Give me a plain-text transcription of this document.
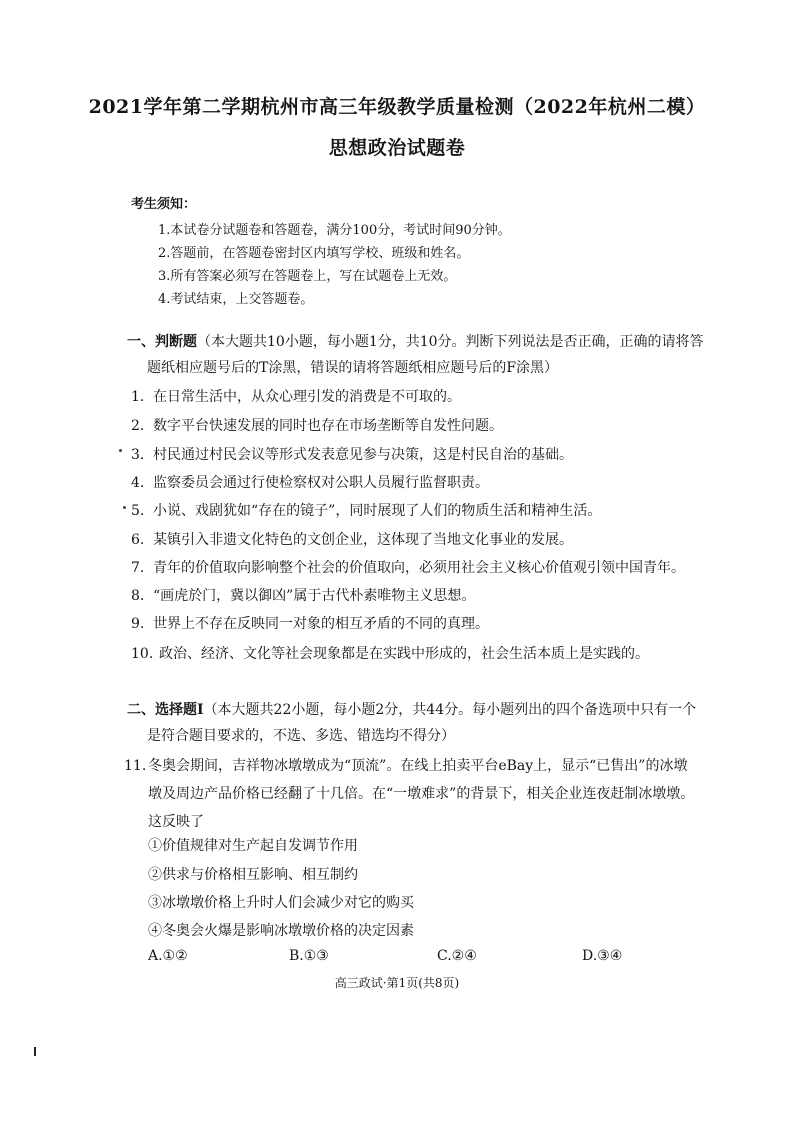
2021学年第二学期杭州市高三年级教学质量检测（2022年杭州二模）
思想政治试题卷
考生须知：
1.本试卷分试题卷和答题卷，满分100分，考试时间90分钟。
2.答题前，在答题卷密封区内填写学校、班级和姓名。
3.所有答案必须写在答题卷上，写在试题卷上无效。
4.考试结束，上交答题卷。
一、判断题（本大题共10小题，每小题1分，共10分。判断下列说法是否正确，正确的请将答
题纸相应题号后的T涂黑，错误的请将答题纸相应题号后的F涂黑）
1. 在日常生活中，从众心理引发的消费是不可取的。
2. 数字平台快速发展的同时也存在市场垄断等自发性问题。
3. 村民通过村民会议等形式发表意见参与决策，这是村民自治的基础。
4. 监察委员会通过行使检察权对公职人员履行监督职责。
5. 小说、戏剧犹如“存在的镜子”，同时展现了人们的物质生活和精神生活。
6. 某镇引入非遗文化特色的文创企业，这体现了当地文化事业的发展。
7. 青年的价值取向影响整个社会的价值取向，必须用社会主义核心价值观引领中国青年。
8. “画虎於门，冀以御凶”属于古代朴素唯物主义思想。
9. 世界上不存在反映同一对象的相互矛盾的不同的真理。
10. 政治、经济、文化等社会现象都是在实践中形成的，社会生活本质上是实践的。
二、选择题Ⅰ（本大题共22小题，每小题2分，共44分。每小题列出的四个备选项中只有一个
是符合题目要求的，不选、多选、错选均不得分）
11. 冬奥会期间，吉祥物冰墩墩成为“顶流”。在线上拍卖平台eBay上，显示“已售出”的冰墩
墩及周边产品价格已经翻了十几倍。在“一墩难求”的背景下，相关企业连夜赶制冰墩墩。
这反映了
①价值规律对生产起自发调节作用
②供求与价格相互影响、相互制约
③冰墩墩价格上升时人们会减少对它的购买
④冬奥会火爆是影响冰墩墩价格的决定因素
A.①②	B.①③	C.②④	D.③④
高三政试·第1页(共8页)
